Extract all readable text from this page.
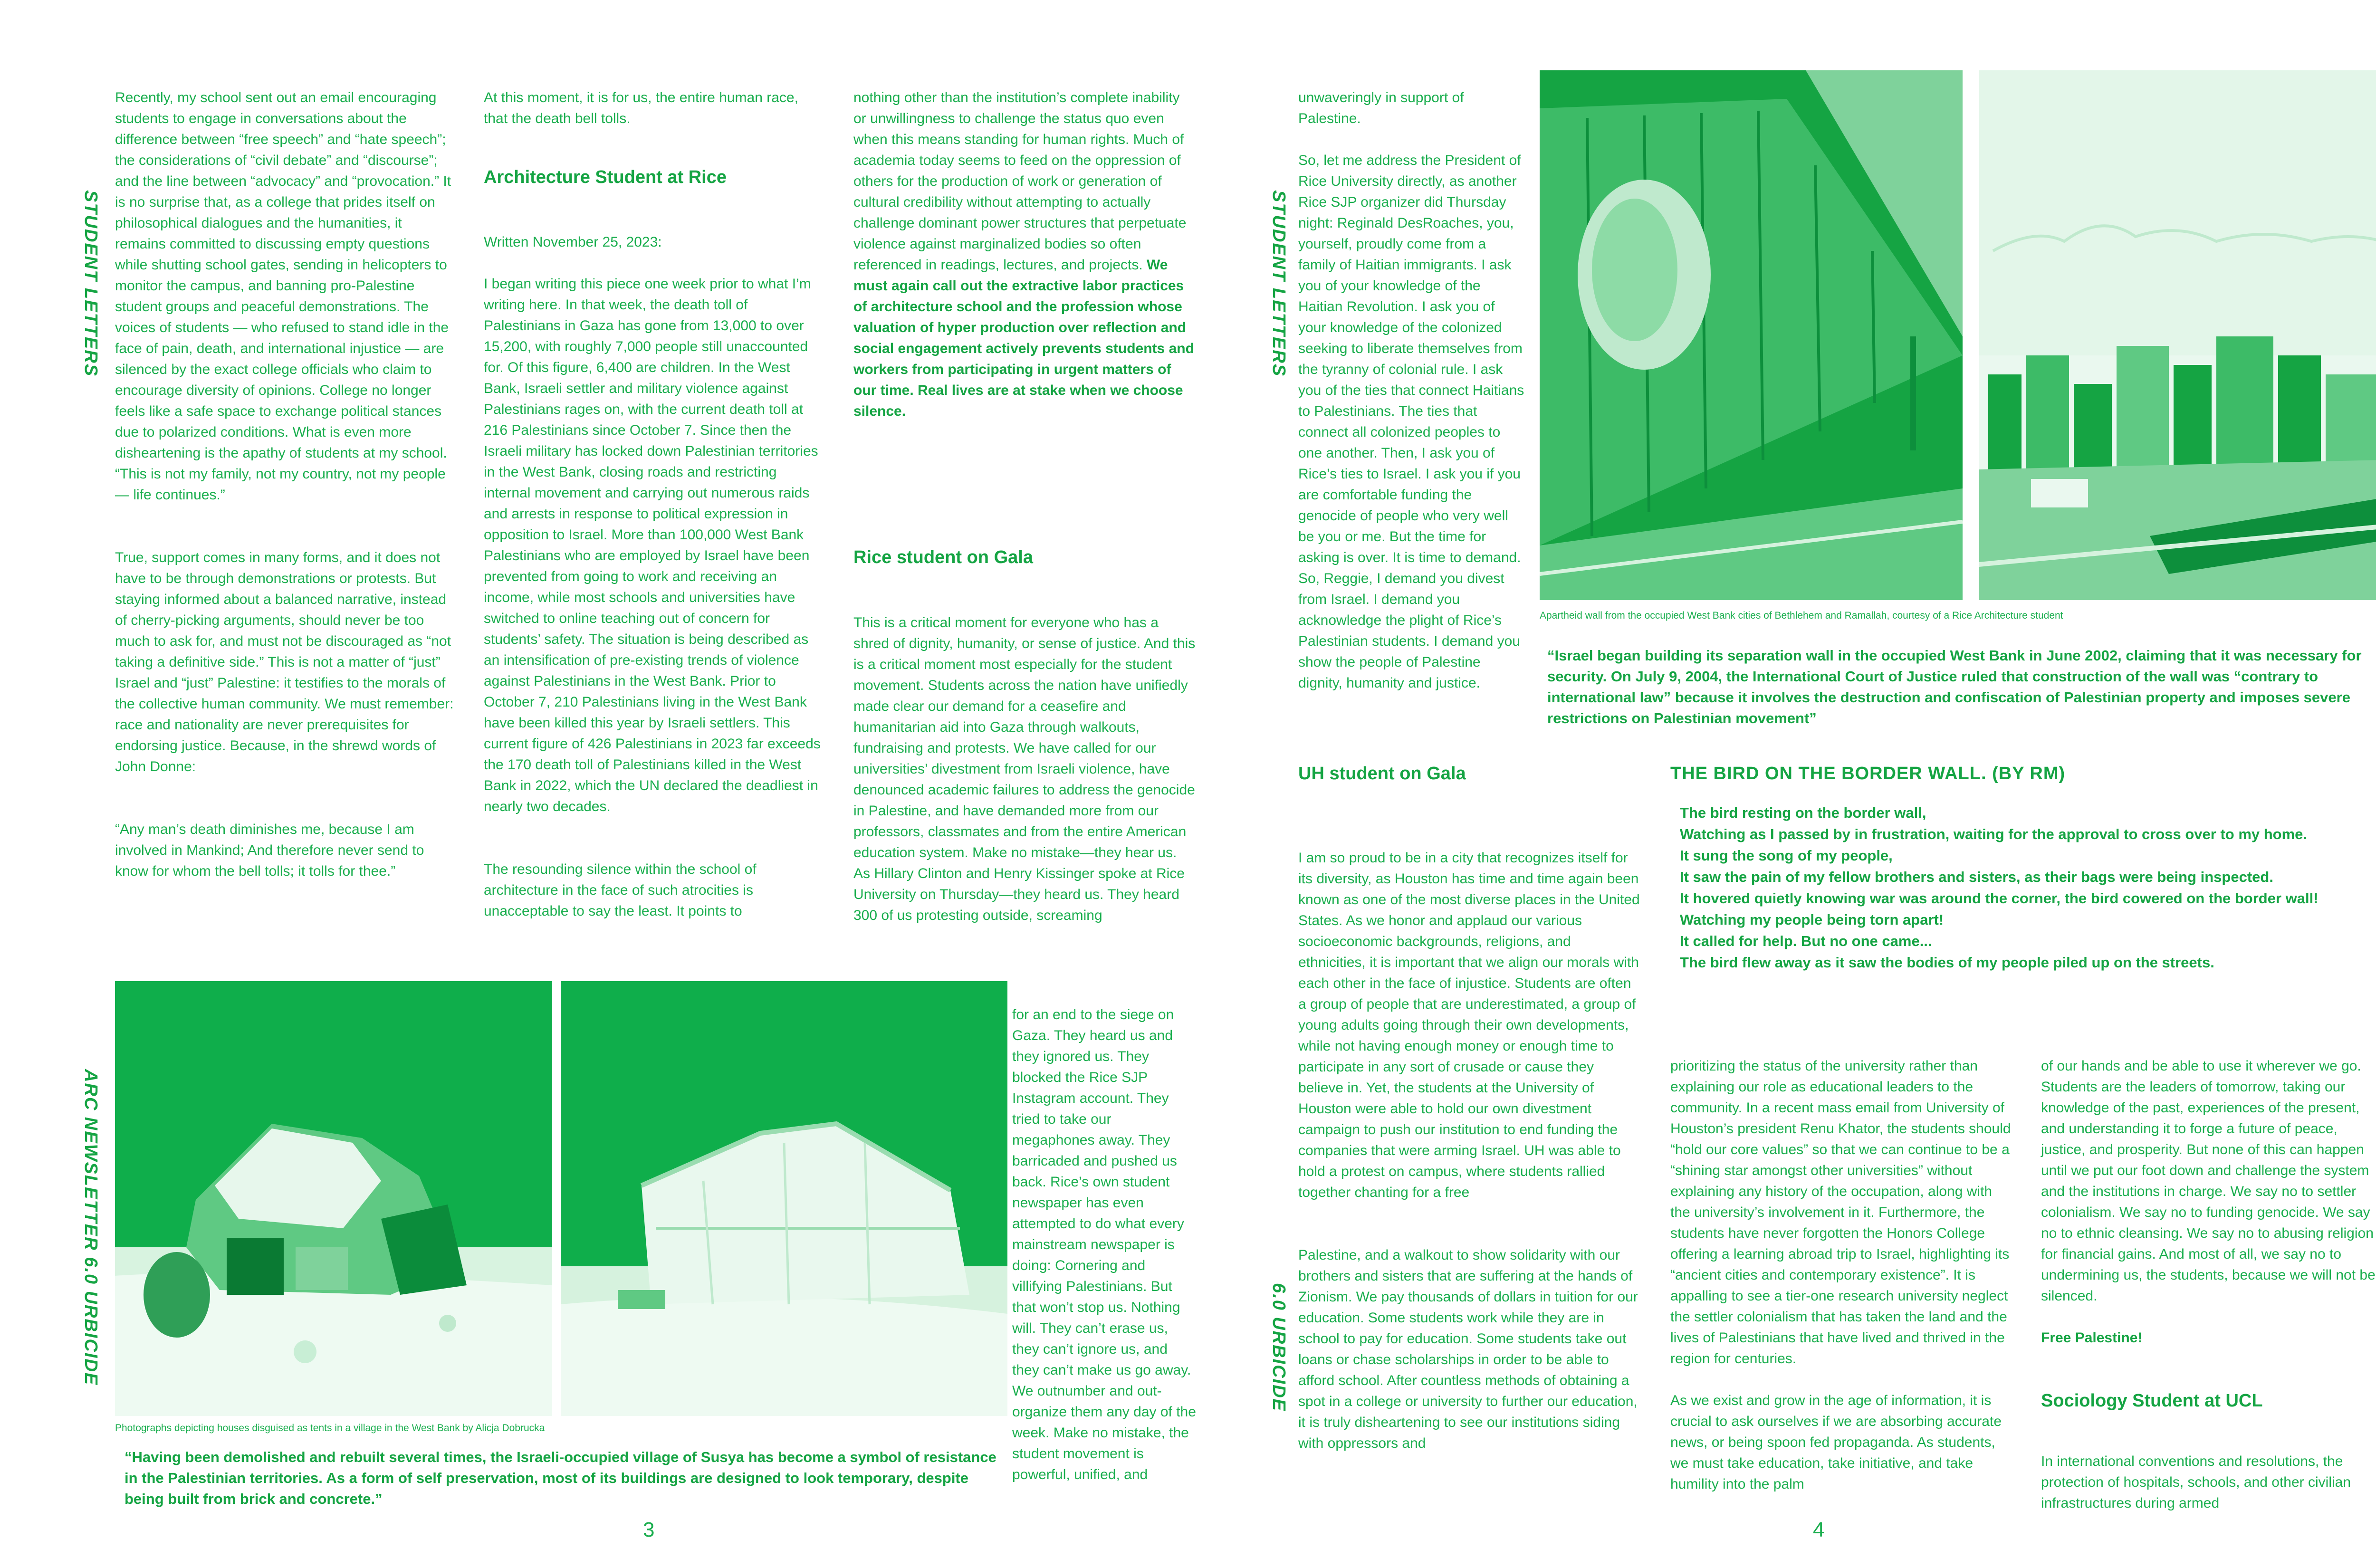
STUDENT LETTERS
ARC NEWSLETTER 6.0 URBICIDE

Recently, my school sent out an email encouraging students to engage in conversations about the difference between “free speech” and “hate speech”; the considerations of “civil debate” and “discourse”; and the line between “advocacy” and “provocation.” It is no surprise that, as a college that prides itself on philosophical dialogues and the humanities, it remains committed to discussing empty questions while shutting school gates, sending in helicopters to monitor the campus, and banning pro-Palestine student groups and peaceful demonstrations. The voices of students — who refused to stand idle in the face of pain, death, and international injustice — are silenced by the exact college officials who claim to encourage diversity of opinions. College no longer feels like a safe space to exchange political stances due to polarized conditions. What is even more disheartening is the apathy of students at my school. “This is not my family, not my country, not my people — life continues.”

True, support comes in many forms, and it does not have to be through demonstrations or protests. But staying informed about a balanced narrative, instead of cherry-picking arguments, should never be too much to ask for, and must not be discouraged as “not taking a definitive side.” This is not a matter of “just” Israel and “just” Palestine: it testifies to the morals of the collective human community. We must remember: race and nationality are never prerequisites for endorsing justice. Because, in the shrewd words of John Donne:

“Any man’s death diminishes me, because I am involved in Mankind; And therefore never send to know for whom the bell tolls; it tolls for thee.”

At this moment, it is for us, the entire human race, that the death bell tolls.

Architecture Student at Rice

Written November 25, 2023:

I began writing this piece one week prior to what I’m writing here. In that week, the death toll of Palestinians in Gaza has gone from 13,000 to over 15,200, with roughly 7,000 people still unaccounted for. Of this figure, 6,400 are children. In the West Bank, Israeli settler and military violence against Palestinians rages on, with the current death toll at 216 Palestinians since October 7. Since then the Israeli military has locked down Palestinian territories in the West Bank, closing roads and restricting internal movement and carrying out numerous raids and arrests in response to political expression in opposition to Israel. More than 100,000 West Bank Palestinians who are employed by Israel have been prevented from going to work and receiving an income, while most schools and universities have switched to online teaching out of concern for students’ safety. The situation is being described as an intensification of pre-existing trends of violence against Palestinians in the West Bank. Prior to October 7, 210 Palestinians living in the West Bank have been killed this year by Israeli settlers. This current figure of 426 Palestinians in 2023 far exceeds the 170 death toll of Palestinians killed in the West Bank in 2022, which the UN declared the deadliest in nearly two decades.

The resounding silence within the school of architecture in the face of such atrocities is unacceptable to say the least. It points to

nothing other than the institution’s complete inability or unwillingness to challenge the status quo even when this means standing for human rights. Much of academia today seems to feed on the oppression of others for the production of work or generation of cultural credibility without attempting to actually challenge dominant power structures that perpetuate violence against marginalized bodies so often referenced in readings, lectures, and projects. We must again call out the extractive labor practices of architecture school and the profession whose valuation of hyper production over reflection and social engagement actively prevents students and workers from participating in urgent matters of our time. Real lives are at stake when we choose silence.

Rice student on Gala

This is a critical moment for everyone who has a shred of dignity, humanity, or sense of justice. And this is a critical moment most especially for the student movement. Students across the nation have unifiedly made clear our demand for a ceasefire and humanitarian aid into Gaza through walkouts, fundraising and protests. We have called for our universities’ divestment from Israeli violence, have denounced academic failures to address the genocide in Palestine, and have demanded more from our professors, classmates and from the entire American education system. Make no mistake—they hear us. As Hillary Clinton and Henry Kissinger spoke at Rice University on Thursday—they heard us. They heard 300 of us protesting outside, screaming

for an end to the siege on Gaza. They heard us and they ignored us. They blocked the Rice SJP Instagram account. They tried to take our megaphones away. They barricaded and pushed us back. Rice’s own student newspaper has even attempted to do what every mainstream newspaper is doing: Cornering and villifying Palestinians. But that won’t stop us. Nothing will. They can’t erase us, they can’t ignore us, and they can’t make us go away. We outnumber and out-organize them any day of the week. Make no mistake, the student movement is powerful, unified, and

Photographs depicting houses disguised as tents in a village in the West Bank by Alicja Dobrucka
“Having been demolished and rebuilt several times, the Israeli-occupied village of Susya has become a symbol of resistance in the Palestinian territories. As a form of self preservation, most of its buildings are designed to look temporary, despite being built from brick and concrete.”
3
STUDENT LETTERS
6.0 URBICIDE

unwaveringly in support of Palestine.

So, let me address the President of Rice University directly, as another Rice SJP organizer did Thursday night: Reginald DesRoaches, you, yourself, proudly come from a family of Haitian immigrants. I ask you of your knowledge of the Haitian Revolution. I ask you of your knowledge of the colonized seeking to liberate themselves from the tyranny of colonial rule. I ask you of the ties that connect Haitians to Palestinians. The ties that connect all colonized peoples to one another. Then, I ask you of Rice’s ties to Israel. I ask you if you are comfortable funding the genocide of people who very well be you or me. But the time for asking is over. It is time to demand. So, Reggie, I demand you divest from Israel. I demand you acknowledge the plight of Rice’s Palestinian students. I demand you show the people of Palestine dignity, humanity and justice.

UH student on Gala

I am so proud to be in a city that recognizes itself for its diversity, as Houston has time and time again been known as one of the most diverse places in the United States. As we honor and applaud our various socioeconomic backgrounds, religions, and ethnicities, it is important that we align our morals with each other in the face of injustice. Students are often a group of people that are underestimated, a group of young adults going through their own developments, while not having enough money or enough time to participate in any sort of crusade or cause they believe in. Yet, the students at the University of Houston were able to hold our own divestment campaign to push our institution to end funding the companies that were arming Israel. UH was able to hold a protest on campus, where students rallied together chanting for a free

Palestine, and a walkout to show solidarity with our brothers and sisters that are suffering at the hands of Zionism. We pay thousands of dollars in tuition for our education. Some students work while they are in school to pay for education. Some students take out loans or chase scholarships in order to be able to afford school. After countless methods of obtaining a spot in a college or university to further our education, it is truly disheartening to see our institutions siding with oppressors and

Apartheid wall from the occupied West Bank cities of Bethlehem and Ramallah, courtesy of a Rice Architecture student
“Israel began building its separation wall in the occupied West Bank in June 2002, claiming that it was necessary for security. On July 9, 2004, the International Court of Justice ruled that construction of the wall was “contrary to international law” because it involves the destruction and confiscation of Palestinian property and imposes severe restrictions on Palestinian movement”
THE BIRD ON THE BORDER WALL. (BY RM)
The bird resting on the border wall,
Watching as I passed by in frustration, waiting for the approval to cross over to my home.
It sung the song of my people,
It saw the pain of my fellow brothers and sisters, as their bags were being inspected.
It hovered quietly knowing war was around the corner, the bird cowered on the border wall!
Watching my people being torn apart!
It called for help. But no one came...
The bird flew away as it saw the bodies of my people piled up on the streets.

prioritizing the status of the university rather than explaining our role as educational leaders to the community. In a recent mass email from University of Houston’s president Renu Khator, the students should “hold our core values” so that we can continue to be a “shining star amongst other universities” without explaining any history of the occupation, along with the university’s involvement in it. Furthermore, the students have never forgotten the Honors College offering a learning abroad trip to Israel, highlighting its “ancient cities and contemporary existence”. It is appalling to see a tier-one research university neglect the settler colonialism that has taken the land and the lives of Palestinians that have lived and thrived in the region for centuries.

As we exist and grow in the age of information, it is crucial to ask ourselves if we are absorbing accurate news, or being spoon fed propaganda. As students, we must take education, take initiative, and take humility into the palm

of our hands and be able to use it wherever we go. Students are the leaders of tomorrow, taking our knowledge of the past, experiences of the present, and understanding it to forge a future of peace, justice, and prosperity. But none of this can happen until we put our foot down and challenge the system and the institutions in charge. We say no to settler colonialism. We say no to funding genocide. We say no to ethnic cleansing. We say no to abusing religion for financial gains. And most of all, we say no to undermining us, the students, because we will not be silenced.

Free Palestine!

Sociology Student at UCL

In international conventions and resolutions, the protection of hospitals, schools, and other civilian infrastructures during armed

4
